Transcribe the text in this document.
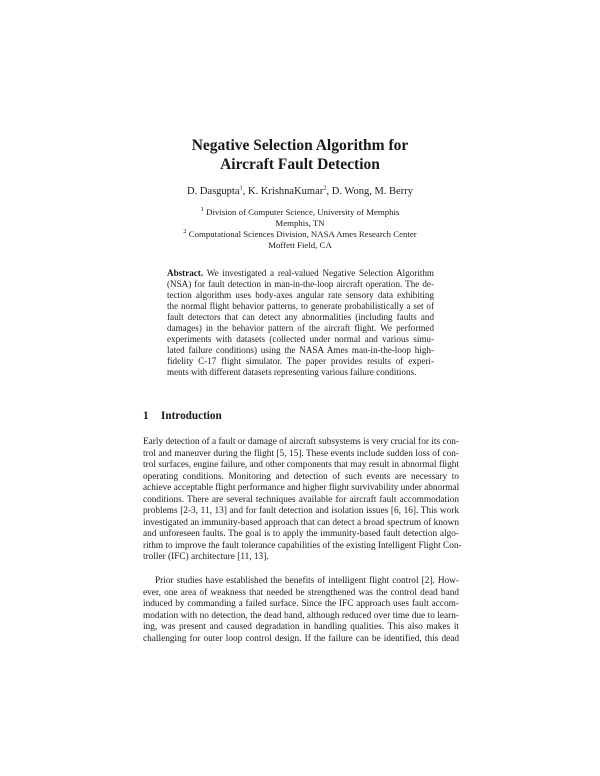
Negative Selection Algorithm for
Aircraft Fault Detection
D. Dasgupta$^1$, K. KrishnaKumar$^2$, D. Wong, M. Berry
$^1$ Division of Computer Science, University of Memphis
Memphis, TN
$^2$ Computational Sciences Division, NASA Ames Research Center
Moffett Field, CA
Abstract. We investigated a real-valued Negative Selection Algorithm
(NSA) for fault detection in man-in-the-loop aircraft operation. The de-
tection algorithm uses body-axes angular rate sensory data exhibiting
the normal flight behavior patterns, to generate probabilistically a set of
fault detectors that can detect any abnormalities (including faults and
damages) in the behavior pattern of the aircraft flight. We performed
experiments with datasets (collected under normal and various simu-
lated failure conditions) using the NASA Ames man-in-the-loop high-
fidelity C-17 flight simulator. The paper provides results of experi-
ments with different datasets representing various failure conditions.
1 Introduction
Early detection of a fault or damage of aircraft subsystems is very crucial for its con-
trol and maneuver during the flight [5, 15]. These events include sudden loss of con-
trol surfaces, engine failure, and other components that may result in abnormal flight
operating conditions. Monitoring and detection of such events are necessary to
achieve acceptable flight performance and higher flight survivability under abnormal
conditions. There are several techniques available for aircraft fault accommodation
problems [2-3, 11, 13] and for fault detection and isolation issues [6, 16]. This work
investigated an immunity-based approach that can detect a broad spectrum of known
and unforeseen faults. The goal is to apply the immunity-based fault detection algo-
rithm to improve the fault tolerance capabilities of the existing Intelligent Flight Con-
troller (IFC) architecture [11, 13].
Prior studies have established the benefits of intelligent flight control [2]. How-
ever, one area of weakness that needed be strengthened was the control dead band
induced by commanding a failed surface. Since the IFC approach uses fault accom-
modation with no detection, the dead band, although reduced over time due to learn-
ing, was present and caused degradation in handling qualities. This also makes it
challenging for outer loop control design. If the failure can be identified, this dead
